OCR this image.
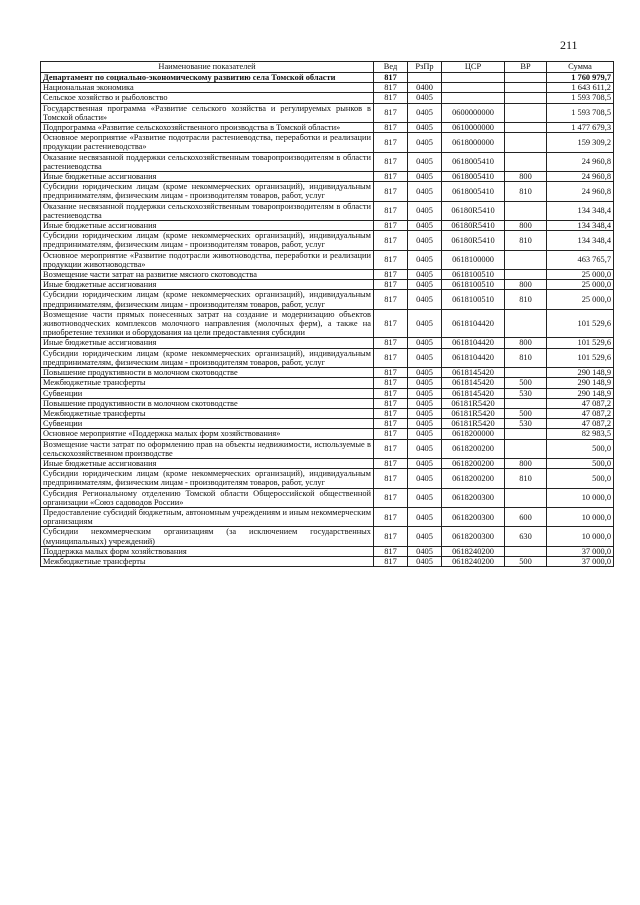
211
Наименование показателей	Вед	РзПр	ЦСР	ВР	Сумма
Департамент по социально-экономическому развитию села Томской области	817				1 760 979,7
Национальная экономика	817	0400			1 643 611,2
Сельское хозяйство и рыболовство	817	0405			1 593 708,5
Государственная программа «Развитие сельского хозяйства и регулируемых рынков в Томской области»	817	0405	0600000000		1 593 708,5
Подпрограмма «Развитие сельскохозяйственного производства в Томской области»	817	0405	0610000000		1 477 679,3
Основное мероприятие «Развитие подотрасли растениеводства, переработки и реализации продукции растениеводства»	817	0405	0618000000		159 309,2
Оказание несвязанной поддержки сельскохозяйственным товаропроизводителям в области растениеводства	817	0405	0618005410		24 960,8
Иные бюджетные ассигнования	817	0405	0618005410	800	24 960,8
Субсидии юридическим лицам (кроме некоммерческих организаций), индивидуальным предпринимателям, физическим лицам - производителям товаров, работ, услуг	817	0405	0618005410	810	24 960,8
Оказание несвязанной поддержки сельскохозяйственным товаропроизводителям в области растениеводства	817	0405	06180R5410		134 348,4
Иные бюджетные ассигнования	817	0405	06180R5410	800	134 348,4
Субсидии юридическим лицам (кроме некоммерческих организаций), индивидуальным предпринимателям, физическим лицам - производителям товаров, работ, услуг	817	0405	06180R5410	810	134 348,4
Основное мероприятие «Развитие подотрасли животноводства, переработки и реализации продукции животноводства»	817	0405	0618100000		463 765,7
Возмещение части затрат на развитие мясного скотоводства	817	0405	0618100510		25 000,0
Иные бюджетные ассигнования	817	0405	0618100510	800	25 000,0
Субсидии юридическим лицам (кроме некоммерческих организаций), индивидуальным предпринимателям, физическим лицам - производителям товаров, работ, услуг	817	0405	0618100510	810	25 000,0
Возмещение части прямых понесенных затрат на создание и модернизацию объектов животноводческих комплексов молочного направления (молочных ферм), а также на приобретение техники и оборудования на цели предоставления субсидии	817	0405	0618104420		101 529,6
Иные бюджетные ассигнования	817	0405	0618104420	800	101 529,6
Субсидии юридическим лицам (кроме некоммерческих организаций), индивидуальным предпринимателям, физическим лицам - производителям товаров, работ, услуг	817	0405	0618104420	810	101 529,6
Повышение продуктивности в молочном скотоводстве	817	0405	0618145420		290 148,9
Межбюджетные трансферты	817	0405	0618145420	500	290 148,9
Субвенции	817	0405	0618145420	530	290 148,9
Повышение продуктивности в молочном скотоводстве	817	0405	06181R5420		47 087,2
Межбюджетные трансферты	817	0405	06181R5420	500	47 087,2
Субвенции	817	0405	06181R5420	530	47 087,2
Основное мероприятие «Поддержка малых форм хозяйствования»	817	0405	0618200000		82 983,5
Возмещение части затрат по оформлению прав на объекты недвижимости, используемые в сельскохозяйственном производстве	817	0405	0618200200		500,0
Иные бюджетные ассигнования	817	0405	0618200200	800	500,0
Субсидии юридическим лицам (кроме некоммерческих организаций), индивидуальным предпринимателям, физическим лицам - производителям товаров, работ, услуг	817	0405	0618200200	810	500,0
Субсидия Региональному отделению Томской области Общероссийской общественной организации «Союз садоводов России»	817	0405	0618200300		10 000,0
Предоставление субсидий бюджетным, автономным учреждениям и иным некоммерческим организациям	817	0405	0618200300	600	10 000,0
Субсидии некоммерческим организациям (за исключением государственных (муниципальных) учреждений)	817	0405	0618200300	630	10 000,0
Поддержка малых форм хозяйствования	817	0405	0618240200		37 000,0
Межбюджетные трансферты	817	0405	0618240200	500	37 000,0
